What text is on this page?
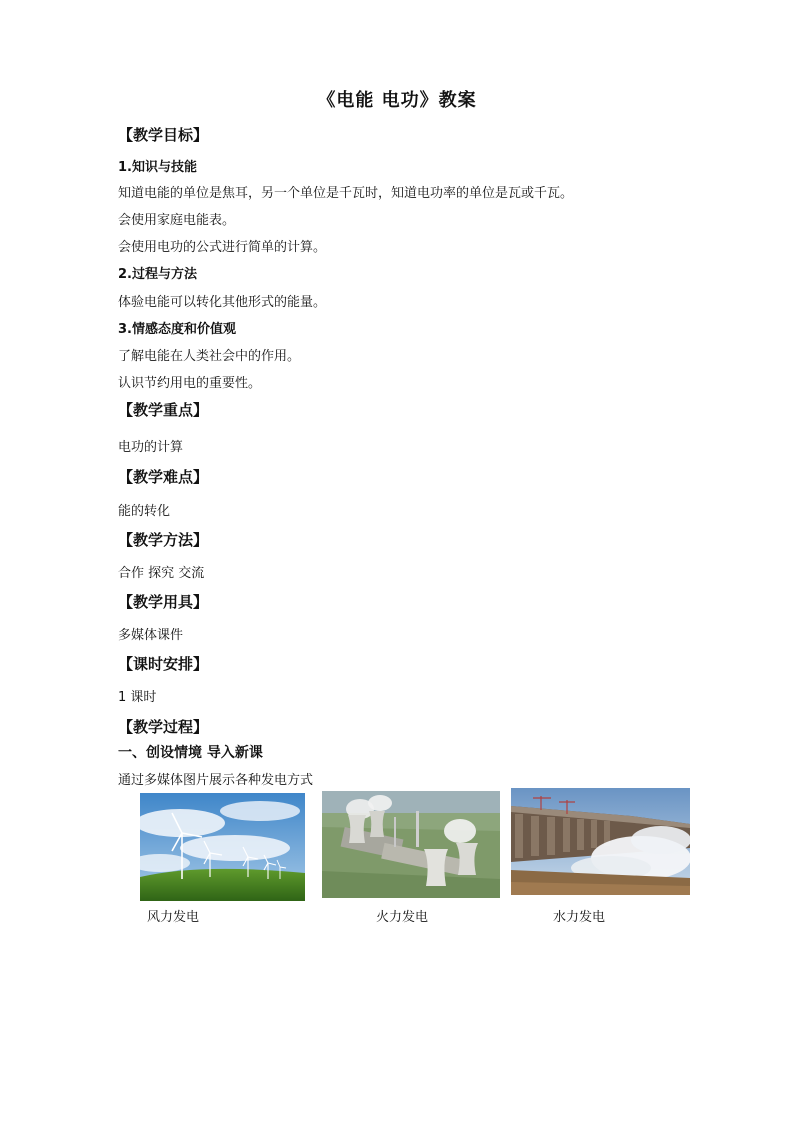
《电能 电功》教案
【教学目标】
1.知识与技能
知道电能的单位是焦耳，另一个单位是千瓦时，知道电功率的单位是瓦或千瓦。
会使用家庭电能表。
会使用电功的公式进行简单的计算。
2.过程与方法
体验电能可以转化其他形式的能量。
3.情感态度和价值观
了解电能在人类社会中的作用。
认识节约用电的重要性。
【教学重点】
电功的计算
【教学难点】
能的转化
【教学方法】
合作 探究 交流
【教学用具】
多媒体课件
【课时安排】
1 课时
【教学过程】
一、创设情境 导入新课
通过多媒体图片展示各种发电方式
风力发电	火力发电	水力发电
